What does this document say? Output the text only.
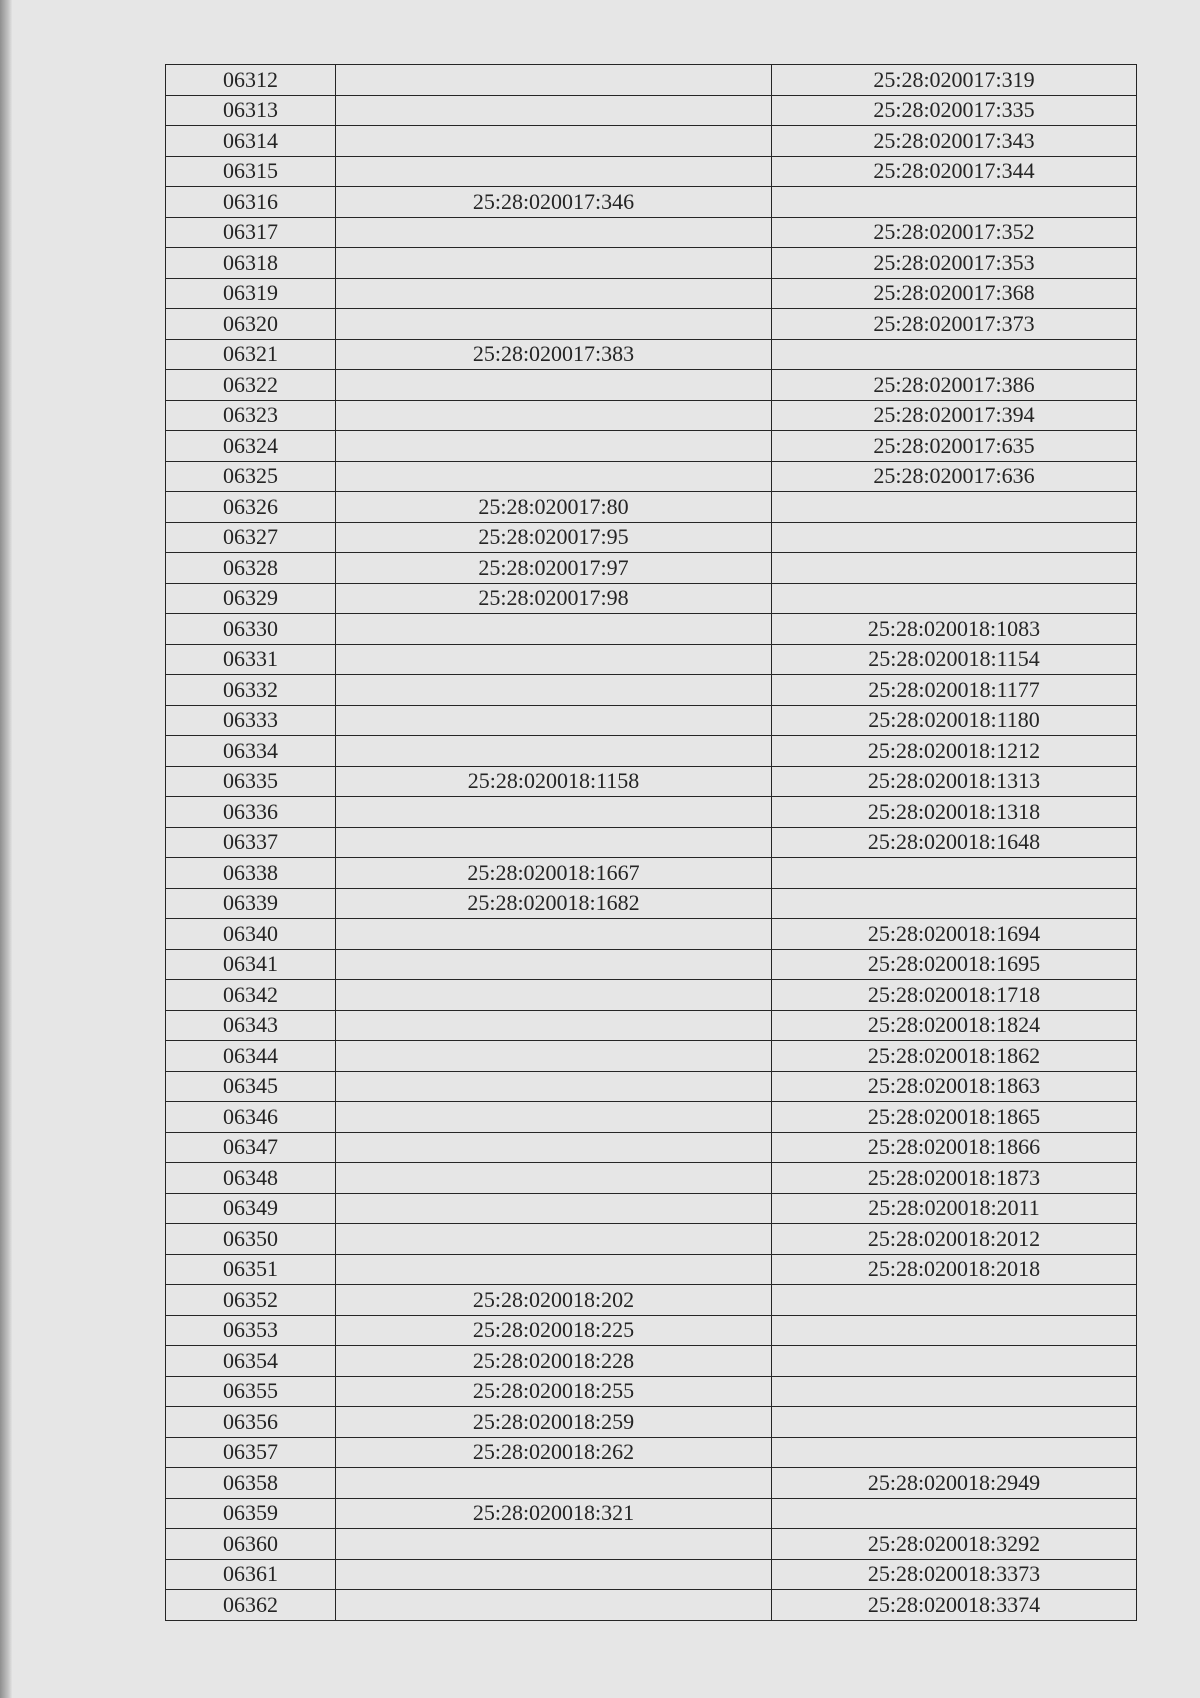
06312		25:28:020017:319
06313		25:28:020017:335
06314		25:28:020017:343
06315		25:28:020017:344
06316	25:28:020017:346	
06317		25:28:020017:352
06318		25:28:020017:353
06319		25:28:020017:368
06320		25:28:020017:373
06321	25:28:020017:383	
06322		25:28:020017:386
06323		25:28:020017:394
06324		25:28:020017:635
06325		25:28:020017:636
06326	25:28:020017:80	
06327	25:28:020017:95	
06328	25:28:020017:97	
06329	25:28:020017:98	
06330		25:28:020018:1083
06331		25:28:020018:1154
06332		25:28:020018:1177
06333		25:28:020018:1180
06334		25:28:020018:1212
06335	25:28:020018:1158	25:28:020018:1313
06336		25:28:020018:1318
06337		25:28:020018:1648
06338	25:28:020018:1667	
06339	25:28:020018:1682	
06340		25:28:020018:1694
06341		25:28:020018:1695
06342		25:28:020018:1718
06343		25:28:020018:1824
06344		25:28:020018:1862
06345		25:28:020018:1863
06346		25:28:020018:1865
06347		25:28:020018:1866
06348		25:28:020018:1873
06349		25:28:020018:2011
06350		25:28:020018:2012
06351		25:28:020018:2018
06352	25:28:020018:202	
06353	25:28:020018:225	
06354	25:28:020018:228	
06355	25:28:020018:255	
06356	25:28:020018:259	
06357	25:28:020018:262	
06358		25:28:020018:2949
06359	25:28:020018:321	
06360		25:28:020018:3292
06361		25:28:020018:3373
06362		25:28:020018:3374
